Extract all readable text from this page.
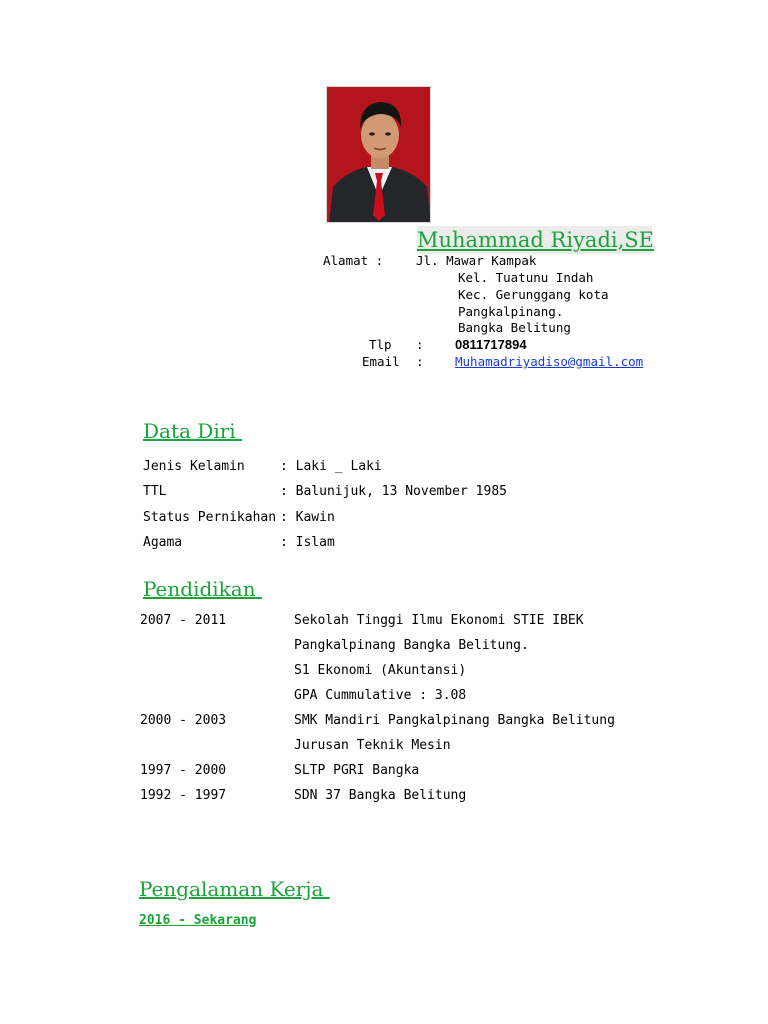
Muhammad Riyadi,SE
Alamat :	Jl. Mawar Kampak
Kel. Tuatunu Indah
Kec. Gerunggang kota
Pangkalpinang.
Bangka Belitung
Tlp : 0811717894
Email :	Muhamadriyadiso@gmail.com
Data Diri
Jenis Kelamin	: Laki _ Laki
TTL	: Balunijuk, 13 November 1985
Status Pernikahan : Kawin
Agama	: Islam
Pendidikan
2007 - 2011	Sekolah Tinggi Ilmu Ekonomi STIE IBEK
Pangkalpinang Bangka Belitung.
S1 Ekonomi (Akuntansi)
GPA Cummulative : 3.08
2000 - 2003	SMK Mandiri Pangkalpinang Bangka Belitung
Jurusan Teknik Mesin
1997 - 2000	SLTP PGRI Bangka
1992 - 1997	SDN 37 Bangka Belitung
Pengalaman Kerja
2016 - Sekarang
